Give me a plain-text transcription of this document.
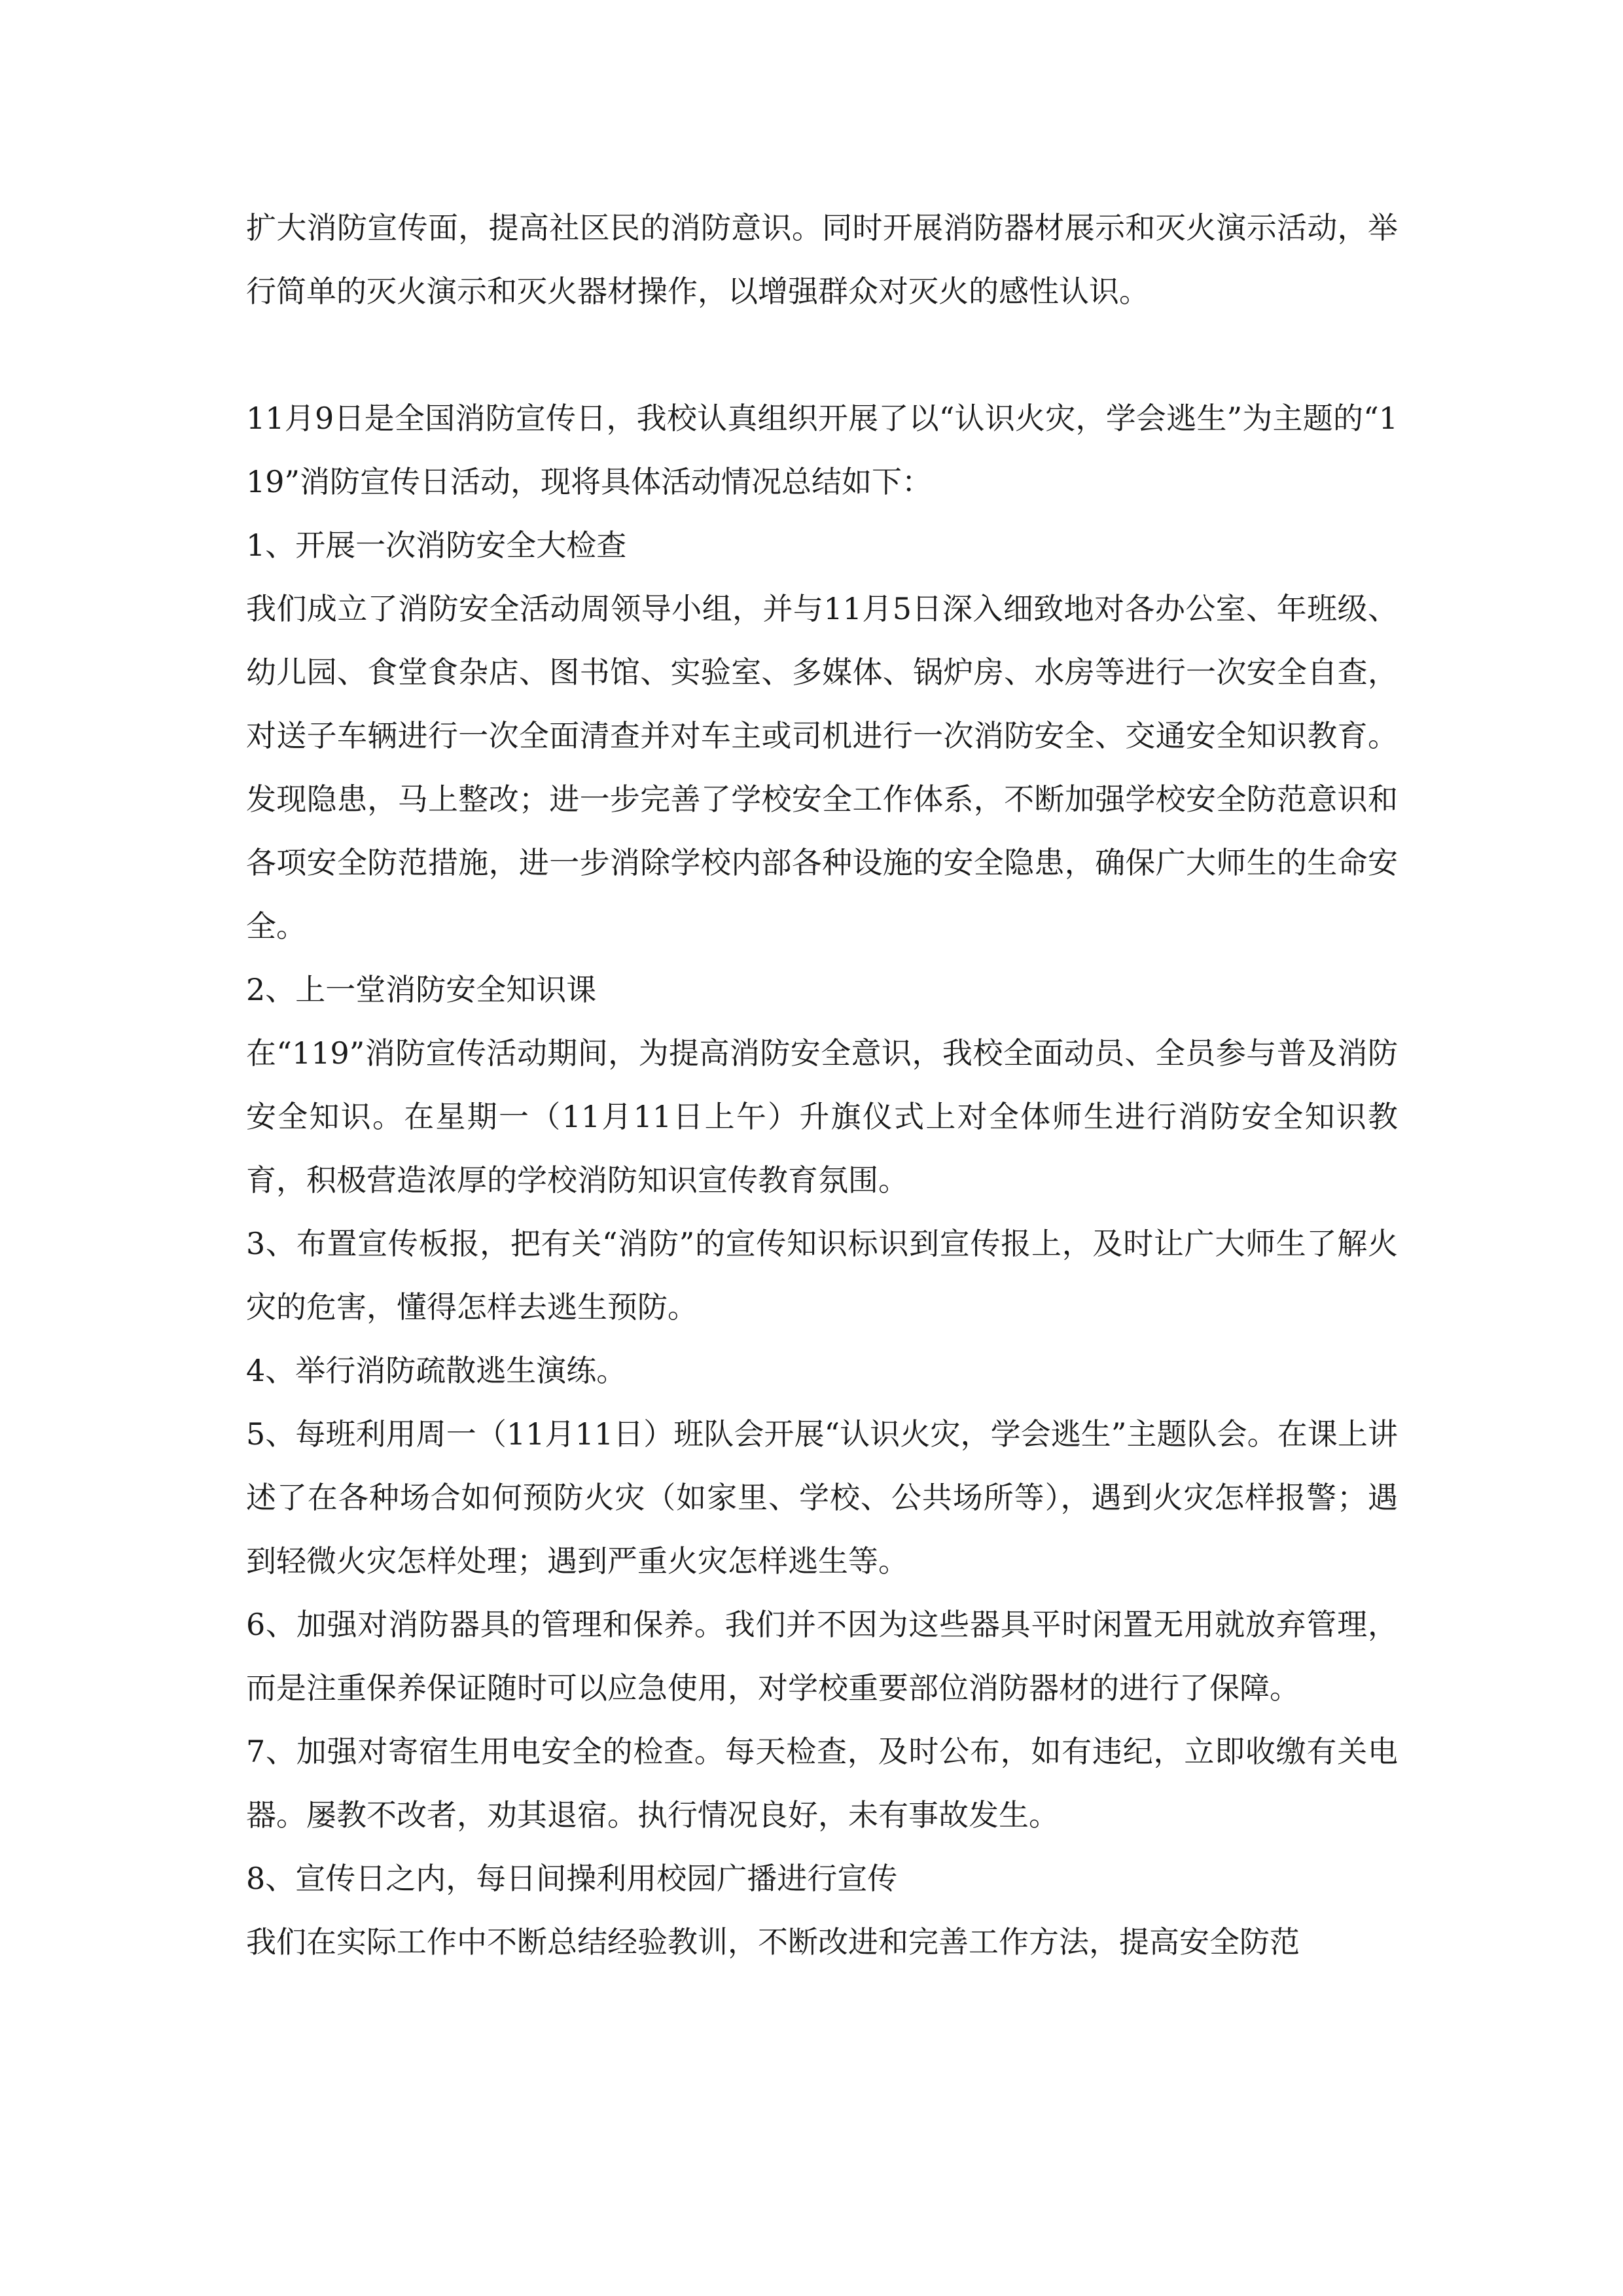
扩大消防宣传面，提高社区民的消防意识。同时开展消防器材展示和灭火演示活动，举行简单的灭火演示和灭火器材操作，以增强群众对灭火的感性认识。

11月9日是全国消防宣传日，我校认真组织开展了以“认识火灾，学会逃生”为主题的“119”消防宣传日活动，现将具体活动情况总结如下：

1、开展一次消防安全大检查

我们成立了消防安全活动周领导小组，并与11月5日深入细致地对各办公室、年班级、幼儿园、食堂食杂店、图书馆、实验室、多媒体、锅炉房、水房等进行一次安全自查，对送子车辆进行一次全面清查并对车主或司机进行一次消防安全、交通安全知识教育。发现隐患，马上整改；进一步完善了学校安全工作体系，不断加强学校安全防范意识和各项安全防范措施，进一步消除学校内部各种设施的安全隐患，确保广大师生的生命安全。

2、上一堂消防安全知识课

在“119”消防宣传活动期间，为提高消防安全意识，我校全面动员、全员参与普及消防安全知识。在星期一（11月11日上午）升旗仪式上对全体师生进行消防安全知识教育，积极营造浓厚的学校消防知识宣传教育氛围。

3、布置宣传板报，把有关“消防”的宣传知识标识到宣传报上，及时让广大师生了解火灾的危害，懂得怎样去逃生预防。

4、举行消防疏散逃生演练。

5、每班利用周一（11月11日）班队会开展“认识火灾，学会逃生”主题队会。在课上讲述了在各种场合如何预防火灾（如家里、学校、公共场所等），遇到火灾怎样报警；遇到轻微火灾怎样处理；遇到严重火灾怎样逃生等。

6、加强对消防器具的管理和保养。我们并不因为这些器具平时闲置无用就放弃管理，而是注重保养保证随时可以应急使用，对学校重要部位消防器材的进行了保障。

7、加强对寄宿生用电安全的检查。每天检查，及时公布，如有违纪，立即收缴有关电器。屡教不改者，劝其退宿。执行情况良好，未有事故发生。

8、宣传日之内，每日间操利用校园广播进行宣传

我们在实际工作中不断总结经验教训，不断改进和完善工作方法，提高安全防范
